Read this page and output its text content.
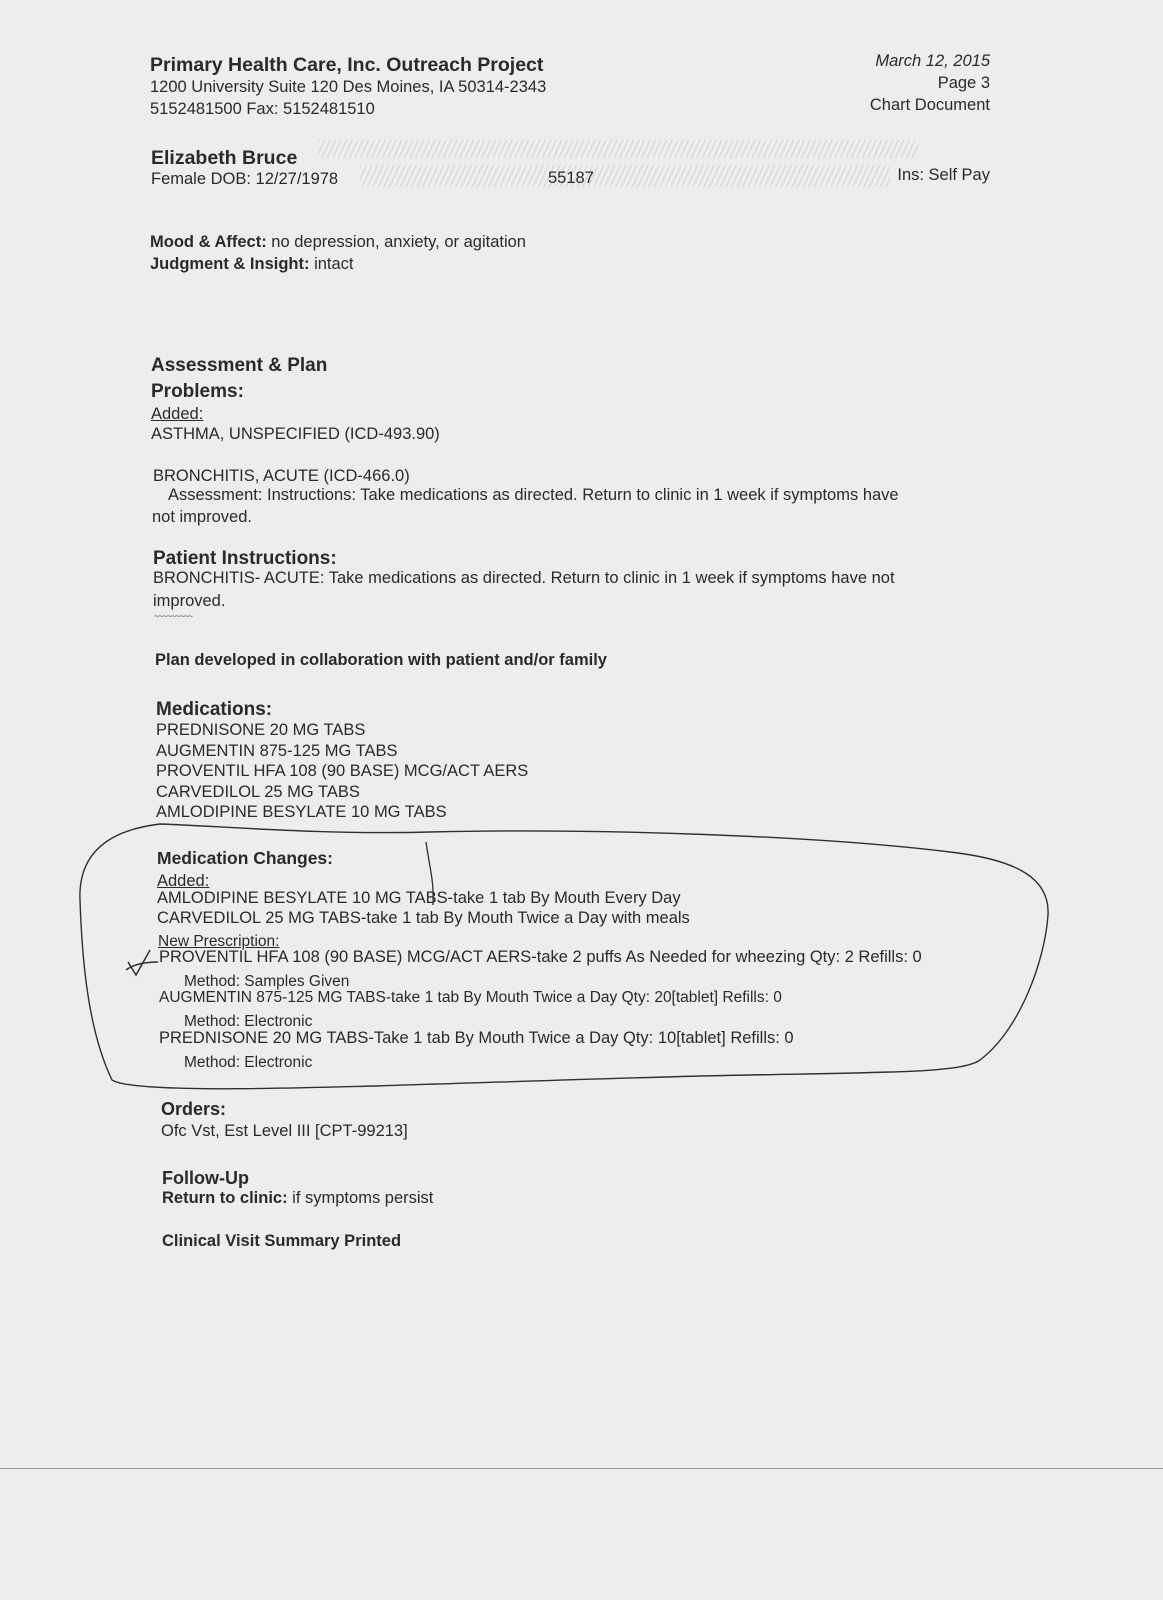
Primary Health Care, Inc. Outreach Project
1200 University Suite 120 Des Moines, IA 50314-2343
5152481500 Fax: 5152481510
March 12, 2015
Page 3
Chart Document
Elizabeth Bruce
Female DOB: 12/27/1978	55187	Ins: Self Pay
Mood & Affect: no depression, anxiety, or agitation
Judgment & Insight: intact
Assessment & Plan
Problems:
Added:
ASTHMA, UNSPECIFIED (ICD-493.90)
BRONCHITIS, ACUTE (ICD-466.0)
Assessment: Instructions: Take medications as directed. Return to clinic in 1 week if symptoms have
not improved.
Patient Instructions:
BRONCHITIS- ACUTE: Take medications as directed. Return to clinic in 1 week if symptoms have not
improved.
~~~~~~~~~
Plan developed in collaboration with patient and/or family
Medications:
PREDNISONE 20 MG TABS
AUGMENTIN 875-125 MG TABS
PROVENTIL HFA 108 (90 BASE) MCG/ACT AERS
CARVEDILOL 25 MG TABS
AMLODIPINE BESYLATE 10 MG TABS
Medication Changes:
Added:
AMLODIPINE BESYLATE 10 MG TABS-take 1 tab By Mouth Every Day
CARVEDILOL 25 MG TABS-take 1 tab By Mouth Twice a Day with meals
New Prescription:
PROVENTIL HFA 108 (90 BASE) MCG/ACT AERS-take 2 puffs As Needed for wheezing Qty: 2 Refills: 0
Method: Samples Given
AUGMENTIN 875-125 MG TABS-take 1 tab By Mouth Twice a Day Qty: 20[tablet] Refills: 0
Method: Electronic
PREDNISONE 20 MG TABS-Take 1 tab By Mouth Twice a Day Qty: 10[tablet] Refills: 0
Method: Electronic
Orders:
Ofc Vst, Est Level III [CPT-99213]
Follow-Up
Return to clinic: if symptoms persist
Clinical Visit Summary Printed
